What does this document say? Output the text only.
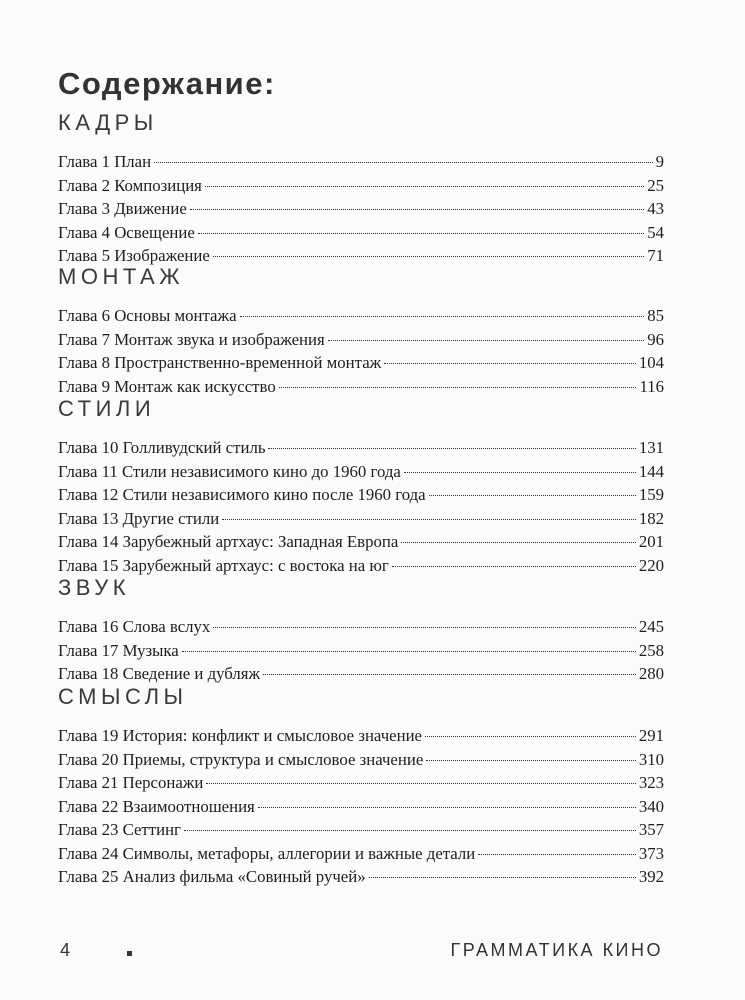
Содержание:
КАДРЫ
Глава 1 План	9
Глава 2 Композиция	25
Глава 3 Движение	43
Глава 4 Освещение	54
Глава 5 Изображение	71
МОНТАЖ
Глава 6 Основы монтажа	85
Глава 7 Монтаж звука и изображения	96
Глава 8 Пространственно-временной монтаж	104
Глава 9 Монтаж как искусство	116
СТИЛИ
Глава 10 Голливудский стиль	131
Глава 11 Стили независимого кино до 1960 года	144
Глава 12 Стили независимого кино после 1960 года	159
Глава 13 Другие стили	182
Глава 14 Зарубежный артхаус: Западная Европа	201
Глава 15 Зарубежный артхаус: с востока на юг	220
ЗВУК
Глава 16 Слова вслух	245
Глава 17 Музыка	258
Глава 18 Сведение и дубляж	280
СМЫСЛЫ
Глава 19 История: конфликт и смысловое значение	291
Глава 20 Приемы, структура и смысловое значение	310
Глава 21 Персонажи	323
Глава 22 Взаимоотношения	340
Глава 23 Сеттинг	357
Глава 24 Символы, метафоры, аллегории и важные детали	373
Глава 25 Анализ фильма «Совиный ручей»	392
4	ГРАММАТИКА КИНО
